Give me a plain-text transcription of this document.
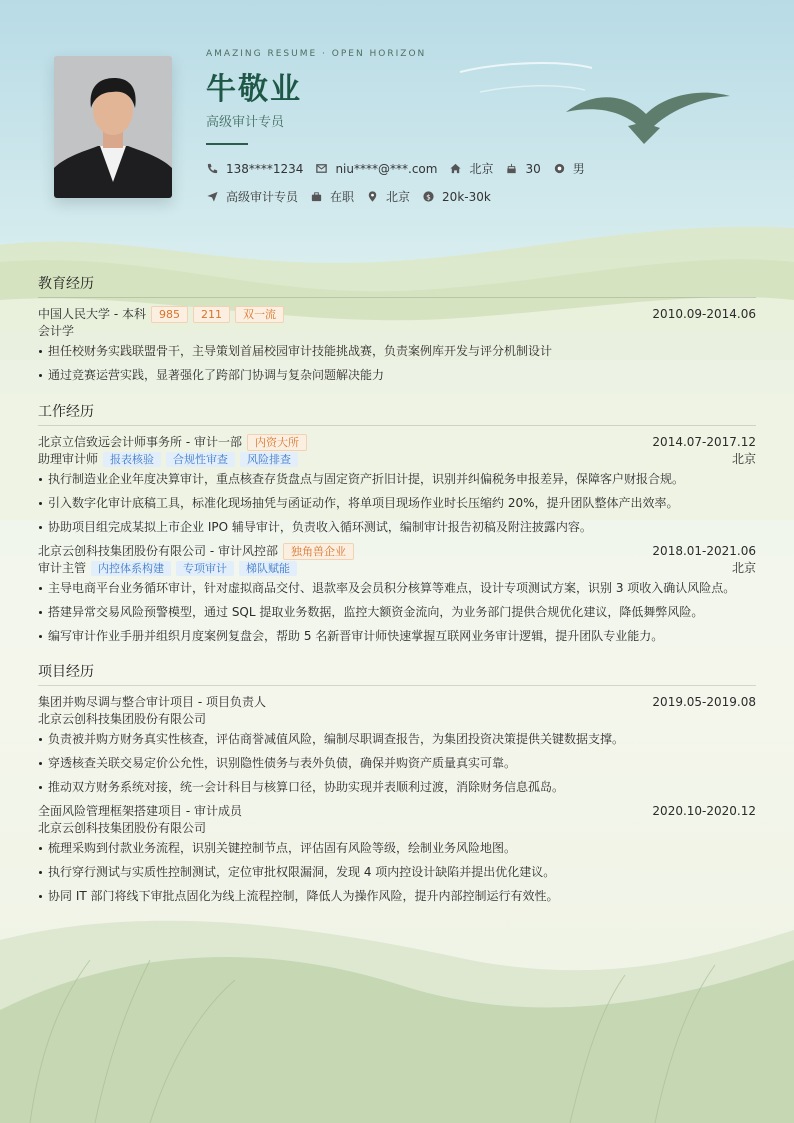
AMAZING RESUME · OPEN HORIZON
牛敬业
高级审计专员
138****1234	niu****@***.com	北京	30	男
高级审计专员	在职	北京 $ 20k-30k
教育经历
中国人民大学 - 本科	985	211	双一流	2010.09-2014.06
会计学
担任校财务实践联盟骨干，主导策划首届校园审计技能挑战赛，负责案例库开发与评分机制设计
通过竞赛运营实践，显著强化了跨部门协调与复杂问题解决能力
工作经历
北京立信致远会计师事务所 - 审计一部	内资大所	2014.07-2017.12
助理审计师	报表核验	合规性审查	风险排查	北京
执行制造业企业年度决算审计，重点核查存货盘点与固定资产折旧计提，识别并纠偏税务申报差异，保障客户财报合规。
引入数字化审计底稿工具，标准化现场抽凭与函证动作，将单项目现场作业时长压缩约 20%，提升团队整体产出效率。
协助项目组完成某拟上市企业 IPO 辅导审计，负责收入循环测试，编制审计报告初稿及附注披露内容。
北京云创科技集团股份有限公司 - 审计风控部	独角兽企业	2018.01-2021.06
审计主管	内控体系构建	专项审计	梯队赋能	北京
主导电商平台业务循环审计，针对虚拟商品交付、退款率及会员积分核算等难点，设计专项测试方案，识别 3 项收入确认风险点。
搭建异常交易风险预警模型，通过 SQL 提取业务数据，监控大额资金流向，为业务部门提供合规优化建议，降低舞弊风险。
编写审计作业手册并组织月度案例复盘会，帮助 5 名新晋审计师快速掌握互联网业务审计逻辑，提升团队专业能力。
项目经历
集团并购尽调与整合审计项目 - 项目负责人	2019.05-2019.08
北京云创科技集团股份有限公司
负责被并购方财务真实性核查，评估商誉减值风险，编制尽职调查报告，为集团投资决策提供关键数据支撑。
穿透核查关联交易定价公允性，识别隐性债务与表外负债，确保并购资产质量真实可靠。
推动双方财务系统对接，统一会计科目与核算口径，协助实现并表顺利过渡，消除财务信息孤岛。
全面风险管理框架搭建项目 - 审计成员	2020.10-2020.12
北京云创科技集团股份有限公司
梳理采购到付款业务流程，识别关键控制节点，评估固有风险等级，绘制业务风险地图。
执行穿行测试与实质性控制测试，定位审批权限漏洞，发现 4 项内控设计缺陷并提出优化建议。
协同 IT 部门将线下审批点固化为线上流程控制，降低人为操作风险，提升内部控制运行有效性。
